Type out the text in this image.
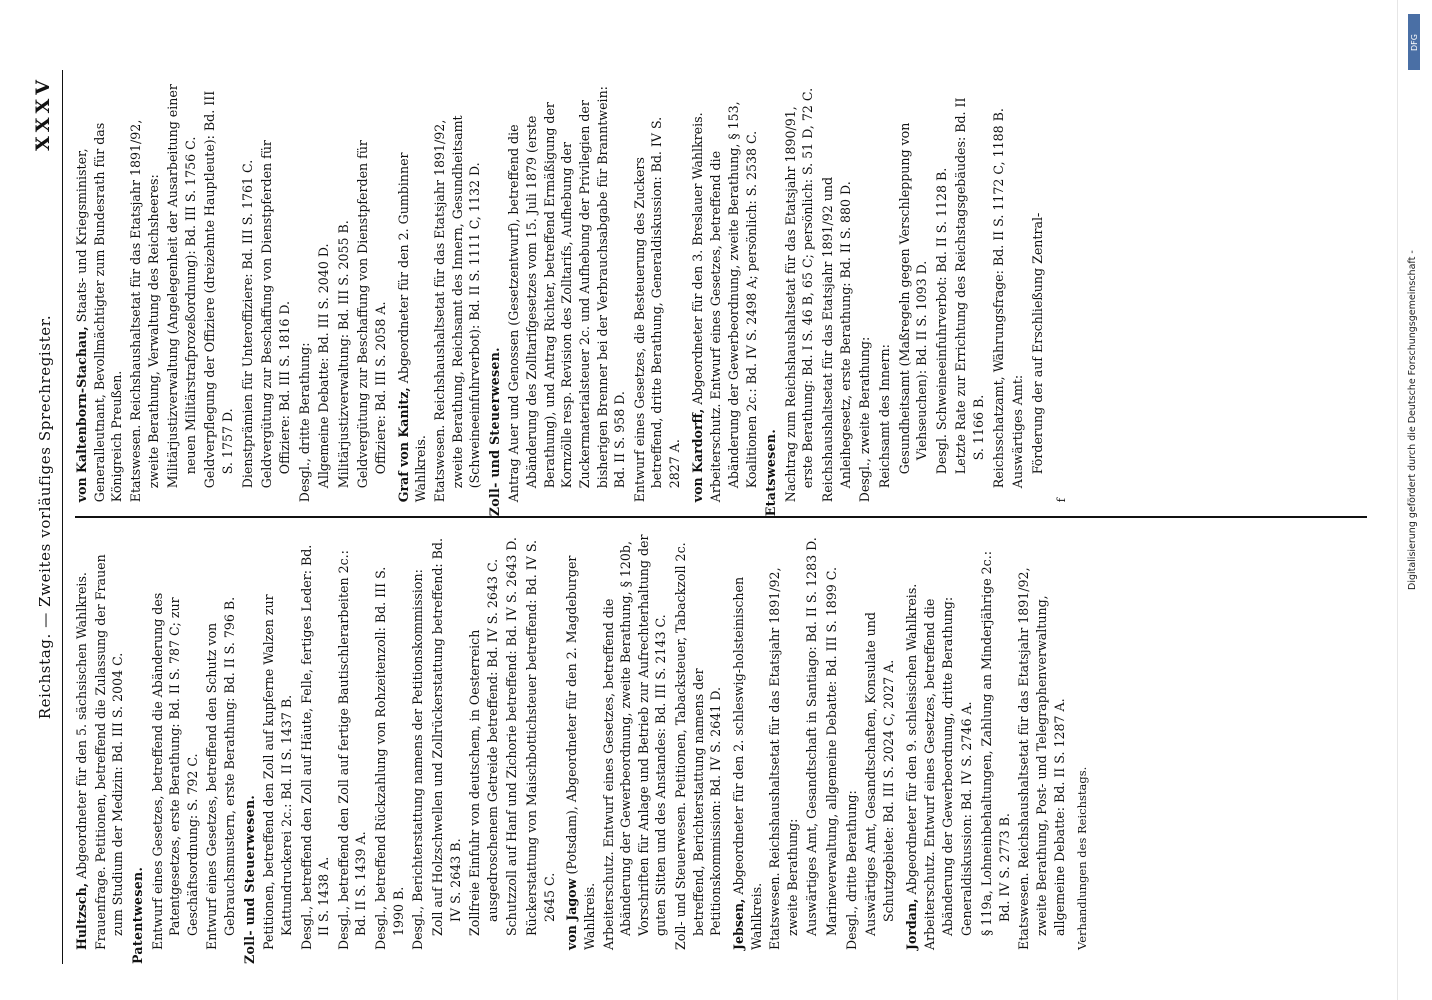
Reichstag. — Zweites vorläufiges Sprechregister.
XXXV
Hultzsch, Abgeordneter für den 5. sächsischen Wahlkreis. Frauenfrage. Petitionen, betreffend die Zulassung der Frauen zum Studium der Medizin: Bd. III S. 2004 C. Patentwesen. Entwurf eines Gesetzes, betreffend die Abänderung des Patentgesetzes, erste Berathung: Bd. II S. 787 C; zur Geschäftsordnung: S. 792 C. Entwurf eines Gesetzes, betreffend den Schutz von Gebrauchsmustern, erste Berathung: Bd. II S. 796 B. Zoll- und Steuerwesen. Petitionen, betreffend den Zoll auf kupferne Walzen zur Kattundruckerei 2c.: Bd. II S. 1437 B. Desgl., betreffend den Zoll auf Häute, Felle, fertiges Leder: Bd. II S. 1438 A. Desgl., betreffend den Zoll auf fertige Bautischlerarbeiten 2c.: Bd. II S. 1439 A. Desgl., betreffend Rückzahlung von Rohzeitenzoll: Bd. III S. 1990 B. Desgl., Berichterstattung namens der Petitionskommission: Zoll auf Holzschwellen und Zollrückerstattung betreffend: Bd. IV S. 2643 B. Zollfreie Einfuhr von deutschem, in Oesterreich ausgedroschenem Getreide betreffend: Bd. IV S. 2643 C. Schutzzoll auf Hanf und Zichorie betreffend: Bd. IV S. 2643 D. Rückerstattung von Maischbottichsteuer betreffend: Bd. IV S. 2645 C. von Jagow (Potsdam), Abgeordneter für den 2. Magdeburger Wahlkreis. Arbeiterschutz. Entwurf eines Gesetzes, betreffend die Abänderung der Gewerbeordnung, zweite Berathung, § 120b, Vorschriften für Anlage und Betrieb zur Aufrechterhaltung der guten Sitten und des Anstandes: Bd. III S. 2143 C. Zoll- und Steuerwesen. Petitionen, Tabacksteuer, Tabackzoll 2c. betreffend, Berichterstattung namens der Petitionskommission: Bd. IV S. 2641 D. Jebsen, Abgeordneter für den 2. schleswig-holsteinischen Wahlkreis. Etatswesen. Reichshaushaltsetat für das Etatsjahr 1891/92, zweite Berathung: Auswärtiges Amt, Gesandtschaft in Santiago: Bd. II S. 1283 D. Marineverwaltung, allgemeine Debatte: Bd. III S. 1899 C. Desgl., dritte Berathung: Auswärtiges Amt, Gesandtschaften, Konsulate und Schutzgebiete: Bd. III S. 2024 C, 2027 A.
Jordan, Abgeordneter für den 9. schlesischen Wahlkreis. Arbeiterschutz. Entwurf eines Gesetzes, betreffend die Abänderung der Gewerbeordnung, dritte Berathung: Generaldiskussion: Bd. IV S. 2746 A. § 119a, Lohneinbehaltungen, Zahlung an Minderjährige 2c.: Bd. IV S. 2773 B. Etatswesen. Reichshaushaltsetat für das Etatsjahr 1891/92, zweite Berathung, Post- und Telegraphenverwaltung, allgemeine Debatte: Bd. II S. 1287 A. Verhandlungen des Reichstags.
von Kaltenborn-Stachau, Staats- und Kriegsminister, Generalleutnant, Bevollmächtigter zum Bundesrath für das Königreich Preußen. Etatswesen. Reichshaushaltsetat für das Etatsjahr 1891/92, zweite Berathung, Verwaltung des Reichsheeres: Militärjustizverwaltung (Angelegenheit der Ausarbeitung einer neuen Militärstrafprozeßordnung): Bd. III S. 1756 C. Geldverpflegung der Offiziere (dreizehnte Hauptleute): Bd. III S. 1757 D. Dienstprämien für Unteroffiziere: Bd. III S. 1761 C. Geldvergütung zur Beschaffung von Dienstpferden für Offiziere: Bd. III S. 1816 D. Desgl., dritte Berathung: Allgemeine Debatte: Bd. III S. 2040 D. Militärjustizverwaltung: Bd. III S. 2055 B. Geldvergütung zur Beschaffung von Dienstpferden für Offiziere: Bd. III S. 2058 A. Graf von Kanitz, Abgeordneter für den 2. Gumbinner Wahlkreis. Etatswesen. Reichshaushaltsetat für das Etatsjahr 1891/92, zweite Berathung, Reichsamt des Innern, Gesundheitsamt (Schweineeinfuhrverbot): Bd. II S. 1111 C, 1132 D. Zoll- und Steuerwesen. Antrag Auer und Genossen (Gesetzentwurf), betreffend die Abänderung des Zolltarifgesetzes vom 15. Juli 1879 (erste Berathung), und Antrag Richter, betreffend Ermäßigung der Kornzölle resp. Revision des Zolltarifs, Aufhebung der Zuckermaterialsteuer 2c. und Aufhebung der Privilegien der bisherigen Brenner bei der Verbrauchsabgabe für Branntwein: Bd. II S. 958 D. Entwurf eines Gesetzes, die Besteuerung des Zuckers betreffend, dritte Berathung, Generaldiskussion: Bd. IV S. 2827 A. von Kardorff, Abgeordneter für den 3. Breslauer Wahlkreis. Arbeiterschutz. Entwurf eines Gesetzes, betreffend die Abänderung der Gewerbeordnung, zweite Berathung, § 153, Koalitionen 2c.: Bd. IV S. 2498 A; persönlich: S. 2538 C. Etatswesen. Nachtrag zum Reichshaushaltsetat für das Etatsjahr 1890/91, erste Berathung: Bd. I S. 46 B, 65 C; persönlich: S. 51 D, 72 C. Reichshaushaltsetat für das Etatsjahr 1891/92 und Anleihegesetz, erste Berathung: Bd. II S. 880 D. Desgl., zweite Berathung: Reichsamt des Innern: Gesundheitsamt (Maßregeln gegen Verschleppung von Viehseuchen): Bd. II S. 1093 D. Desgl. Schweineeinfuhrverbot: Bd. II S. 1128 B. Letzte Rate zur Errichtung des Reichstagsgebäudes: Bd. II S. 1166 B. Reichsschatzamt, Währungsfrage: Bd. II S. 1172 C, 1188 B. Auswärtiges Amt: Förderung der auf Erschließung Zentral-
f	Digitalisierung gefördert durch die Deutsche Forschungsgemeinschaft -
DFG
